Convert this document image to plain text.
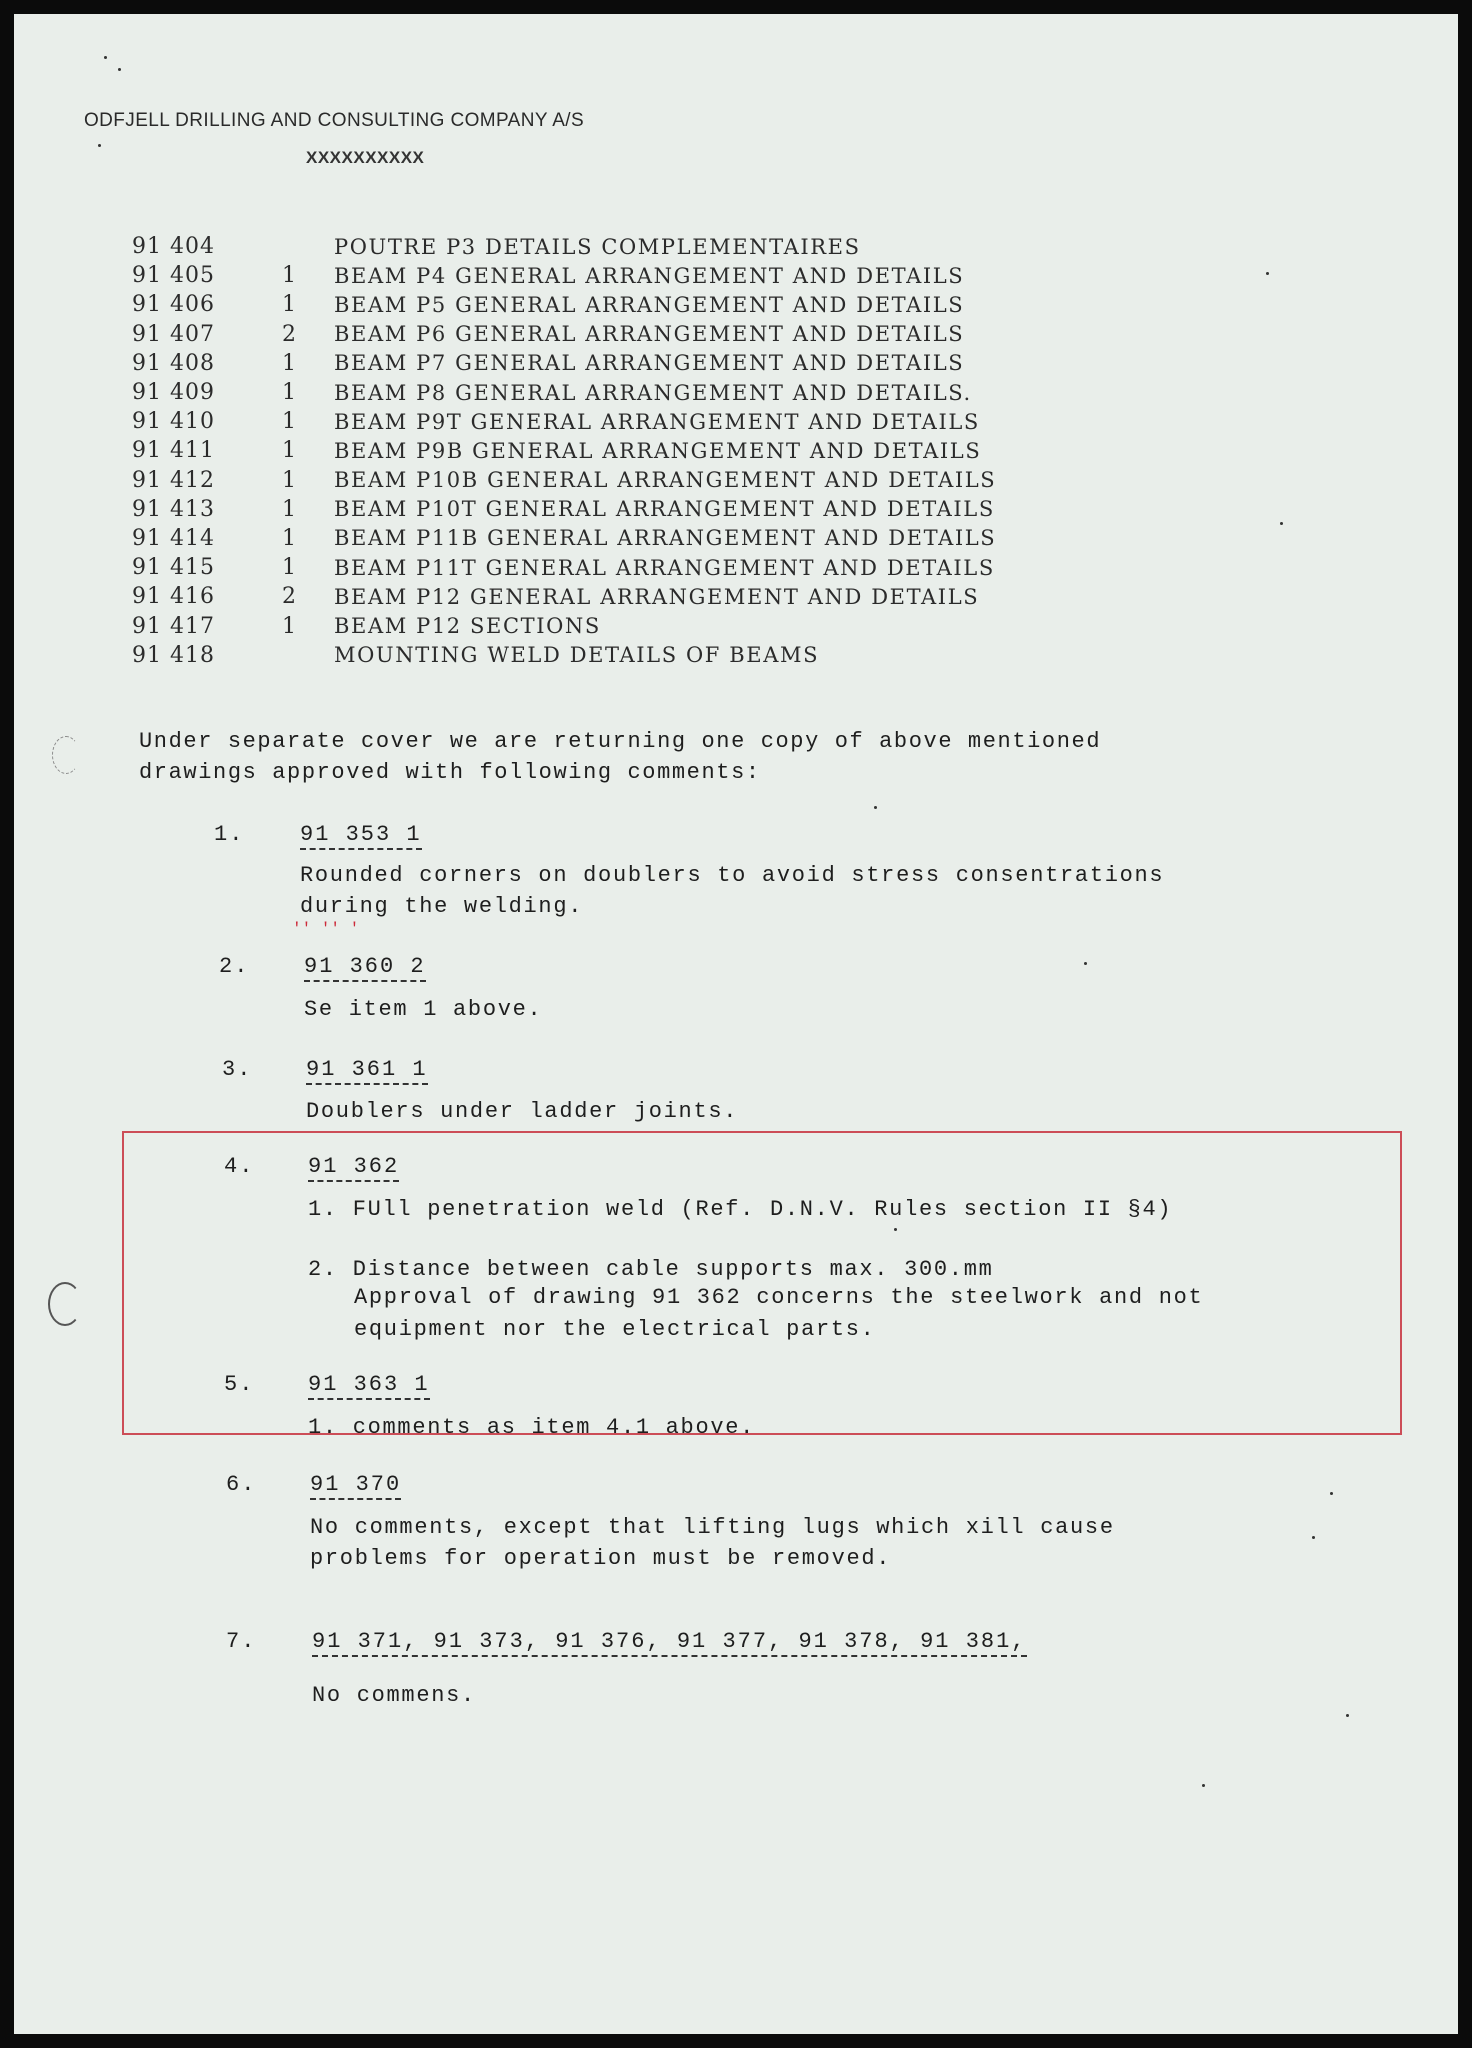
ODFJELL DRILLING AND CONSULTING COMPANY A/S
XXXXXXXXXX
91 404	POUTRE P3 DETAILS COMPLEMENTAIRES
91 405	1	BEAM P4 GENERAL ARRANGEMENT AND DETAILS
91 406	1	BEAM P5 GENERAL ARRANGEMENT AND DETAILS
91 407	2	BEAM P6 GENERAL ARRANGEMENT AND DETAILS
91 408	1	BEAM P7 GENERAL ARRANGEMENT AND DETAILS
91 409	1	BEAM P8 GENERAL ARRANGEMENT AND DETAILS.
91 410	1	BEAM P9T GENERAL ARRANGEMENT AND DETAILS
91 411	1	BEAM P9B GENERAL ARRANGEMENT AND DETAILS
91 412	1	BEAM P10B GENERAL ARRANGEMENT AND DETAILS
91 413	1	BEAM P10T GENERAL ARRANGEMENT AND DETAILS
91 414	1	BEAM P11B GENERAL ARRANGEMENT AND DETAILS
91 415	1	BEAM P11T GENERAL ARRANGEMENT AND DETAILS
91 416	2	BEAM P12 GENERAL ARRANGEMENT AND DETAILS
91 417	1	BEAM P12 SECTIONS
91 418	MOUNTING WELD DETAILS OF BEAMS
Under separate cover we are returning one copy of above mentioned
drawings approved with following comments:
1.	91 353 1
Rounded corners on doublers to avoid stress consentrations
during the welding.
'' '' '
2. 91 360 2
Se item 1 above.
3. 91 361 1
Doublers under ladder joints.
4. 91 362
1. FUll penetration weld (Ref. D.N.V. Rules section II §4)
2. Distance between cable supports max. 300.mm
Approval of drawing 91 362 concerns the steelwork and not
equipment nor the electrical parts.
5. 91 363 1
1. comments as item 4.1 above.
6. 91 370
No comments, except that lifting lugs which xill cause
problems for operation must be removed.
7.	91 371, 91 373, 91 376, 91 377, 91 378, 91 381,
No commens.
